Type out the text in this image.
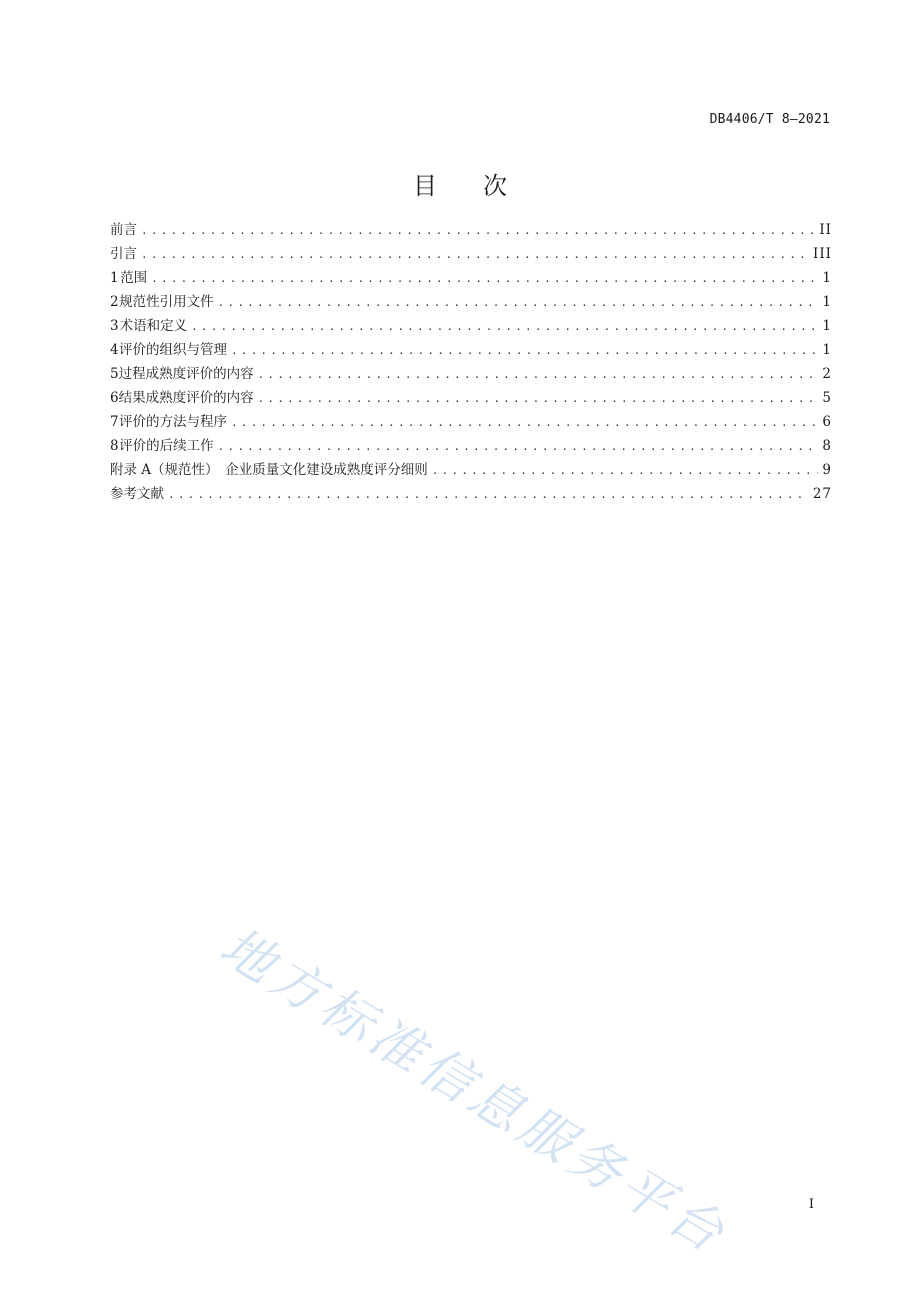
DB4406/T 8—2021
目次
前言 .....	II
引言 .....	III
1 范围 .....	1
2 规范性引用文件 .....	1
3 术语和定义 .....	1
4 评价的组织与管理 .....	1
5 过程成熟度评价的内容 .....	2
6 结果成熟度评价的内容 .....	5
7 评价的方法与程序 .....	6
8 评价的后续工作 .....	8
附录 A（规范性）　企业质量文化建设成熟度评分细则 .....	9
参考文献 .....	27
地方标准信息服务平台	I
